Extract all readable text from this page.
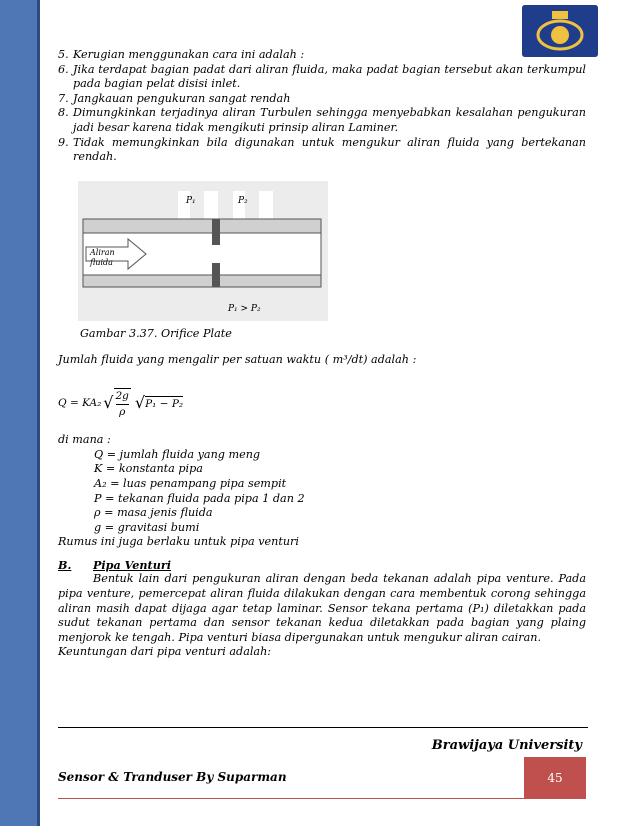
5. Kerugian menggunakan cara ini adalah :
6. Jika terdapat bagian padat dari aliran fluida, maka padat bagian tersebut akan terkumpul pada bagian pelat disisi inlet.
7. Jangkauan pengukuran sangat rendah
8. Dimungkinkan terjadinya aliran Turbulen sehingga menyebabkan kesalahan pengukuran jadi besar karena tidak mengikuti prinsip aliran Laminer.
9. Tidak memungkinkan bila digunakan untuk mengukur aliran fluida yang bertekanan rendah.
P₁	P₂
Aliran
fluida
P₁ > P₂

Gambar 3.37. Orifice Plate

Jumlah fluida yang mengalir per satuan waktu ( m³/dt) adalah :

Q = KA₂ √ $\frac{2g}{\rho}$ √ P₁ − P₂

di mana :

Q = jumlah fluida yang meng

K = konstanta pipa

A₂ = luas penampang pipa sempit

P = tekanan fluida pada pipa 1 dan 2

ρ = masa jenis fluida

g = gravitasi bumi

Rumus ini juga berlaku untuk pipa venturi

B.	Pipa Venturi

Bentuk lain dari pengukuran aliran dengan beda tekanan adalah pipa venture. Pada pipa venture, pemercepat aliran fluida dilakukan dengan cara membentuk corong sehingga aliran masih dapat dijaga agar tetap laminar. Sensor tekana pertama (P₁) diletakkan pada sudut tekanan pertama dan sensor tekanan kedua diletakkan pada bagian yang plaing menjorok ke tengah. Pipa venturi biasa dipergunakan untuk mengukur aliran cairan.

Keuntungan dari pipa venturi adalah:

Brawijaya University
45
Sensor & Tranduser By Suparman
